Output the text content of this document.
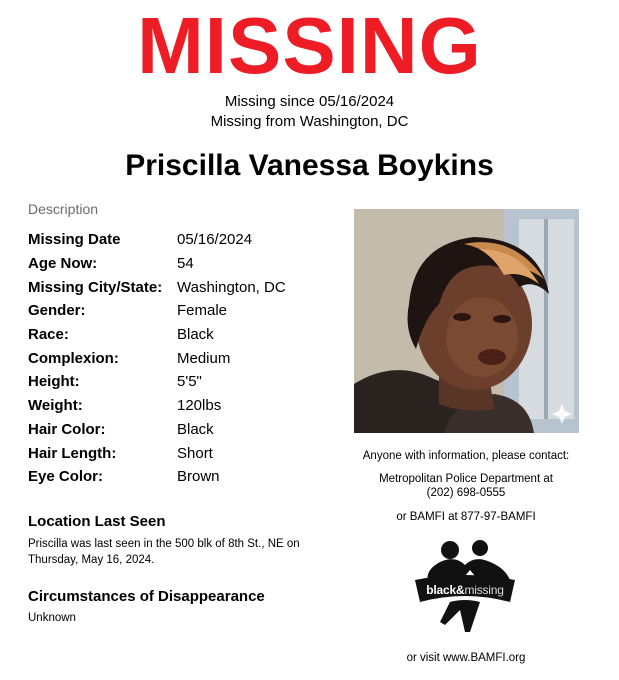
MISSING
Missing since 05/16/2024
Missing from Washington, DC
Priscilla Vanessa Boykins
Description
Missing Date	05/16/2024
Age Now:	54
Missing City/State: Washington, DC
Gender:	Female
Race:	Black
Complexion:	Medium
Height:	5'5"
Weight:	120lbs
Hair Color:	Black
Hair Length:	Short
Eye Color:	Brown
Location Last Seen
Priscilla was last seen in the 500 blk of 8th St., NE on Thursday, May 16, 2024.
Circumstances of Disappearance
Unknown
Anyone with information, please contact:
Metropolitan Police Department at
(202) 698-0555
or BAMFI at 877-97-BAMFI
black&missing
or visit www.BAMFI.org
